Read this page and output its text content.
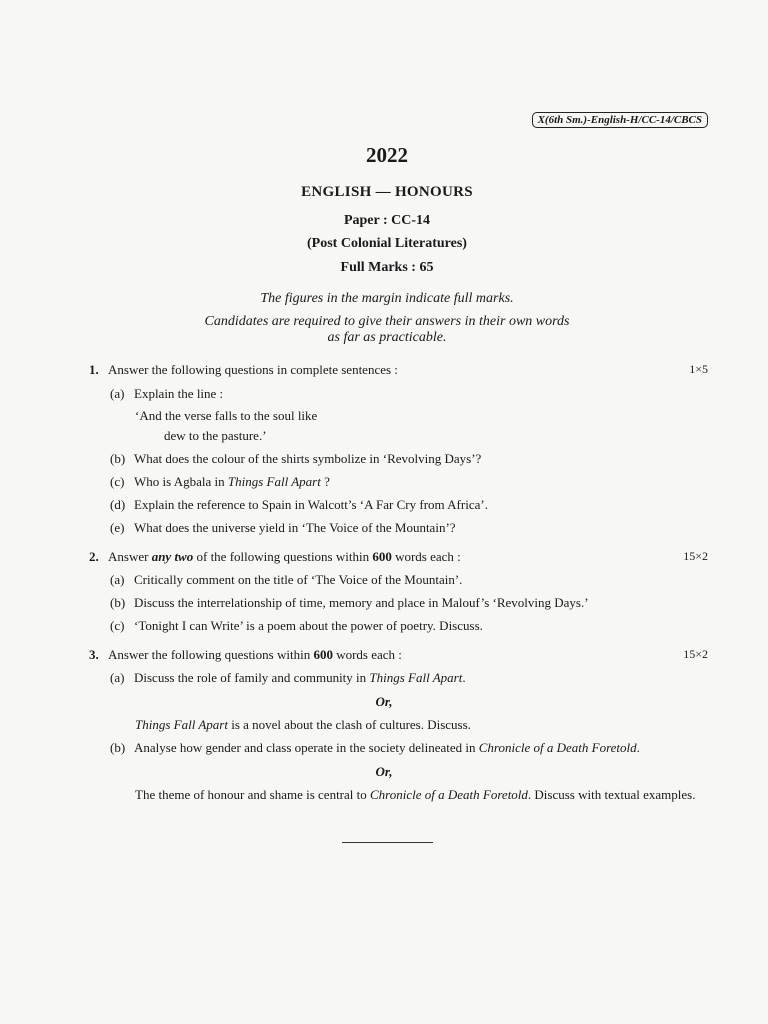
X(6th Sm.)-English-H/CC-14/CBCS
2022
ENGLISH — HONOURS
Paper : CC-14
(Post Colonial Literatures)
Full Marks : 65
The figures in the margin indicate full marks.
Candidates are required to give their answers in their own words
as far as practicable.
1. Answer the following questions in complete sentences :	1×5
(a) Explain the line :
‘And the verse falls to the soul like
dew to the pasture.’
(b) What does the colour of the shirts symbolize in ‘Revolving Days’?
(c) Who is Agbala in Things Fall Apart ?
(d) Explain the reference to Spain in Walcott’s ‘A Far Cry from Africa’.
(e) What does the universe yield in ‘The Voice of the Mountain’?
2. Answer any two of the following questions within 600 words each :	15×2
(a) Critically comment on the title of ‘The Voice of the Mountain’.
(b) Discuss the interrelationship of time, memory and place in Malouf’s ‘Revolving Days.’
(c) ‘Tonight I can Write’ is a poem about the power of poetry. Discuss.
3. Answer the following questions within 600 words each :	15×2
(a) Discuss the role of family and community in Things Fall Apart.
Or,
Things Fall Apart is a novel about the clash of cultures. Discuss.
(b) Analyse how gender and class operate in the society delineated in Chronicle of a Death Foretold.
Or,
The theme of honour and shame is central to Chronicle of a Death Foretold. Discuss with textual examples.
